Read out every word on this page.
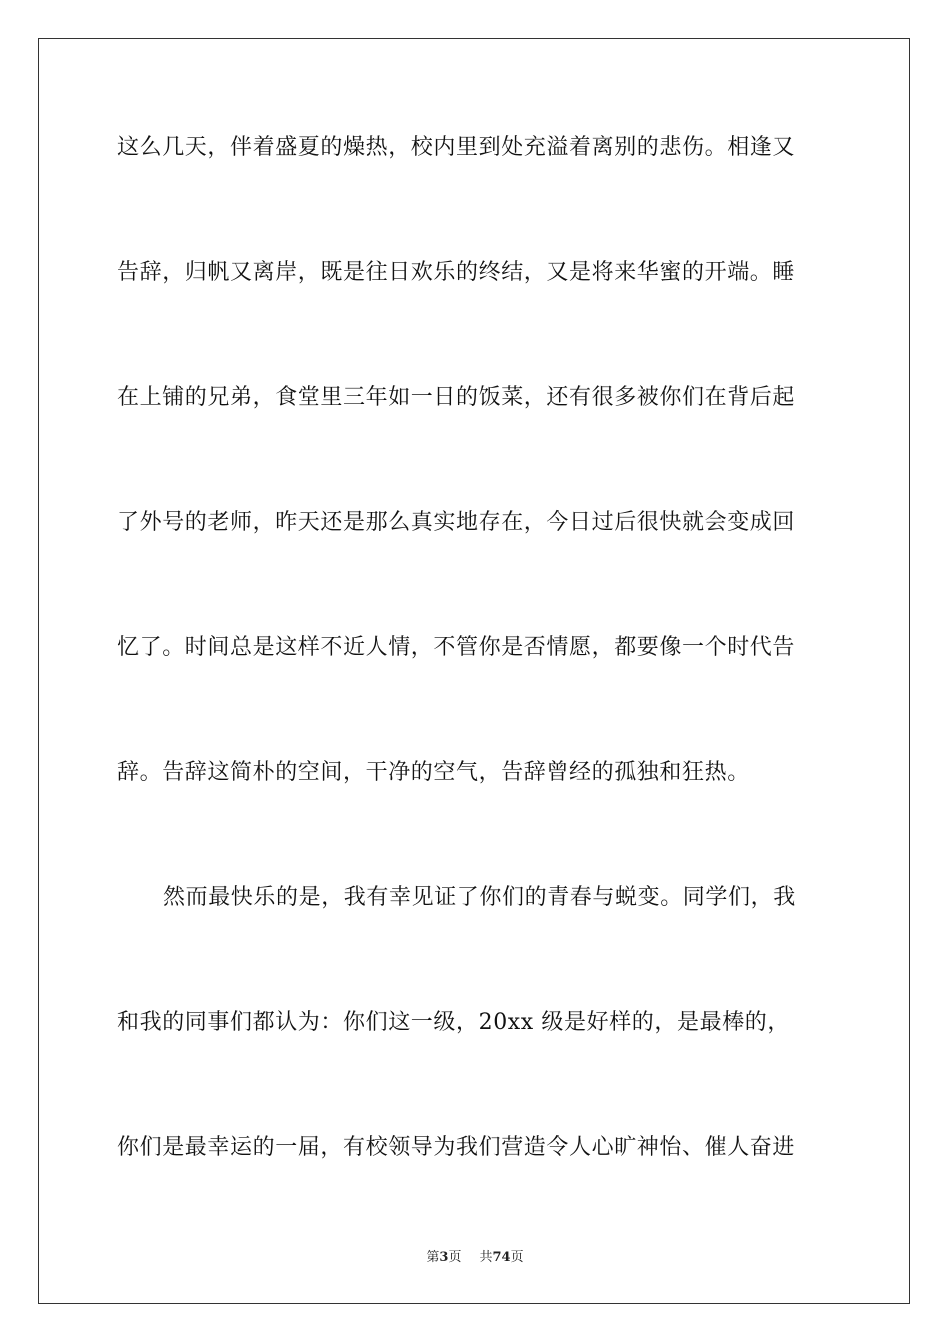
这么几天，伴着盛夏的燥热，校内里到处充溢着离别的悲伤。相逢又
告辞，归帆又离岸，既是往日欢乐的终结，又是将来华蜜的开端。睡
在上铺的兄弟，食堂里三年如一日的饭菜，还有很多被你们在背后起
了外号的老师，昨天还是那么真实地存在，今日过后很快就会变成回
忆了。时间总是这样不近人情，不管你是否情愿，都要像一个时代告
辞。告辞这简朴的空间，干净的空气，告辞曾经的孤独和狂热。
然而最快乐的是，我有幸见证了你们的青春与蜕变。同学们，我
和我的同事们都认为：你们这一级，20xx 级是好样的，是最棒的，
你们是最幸运的一届，有校领导为我们营造令人心旷神怡、催人奋进
第3页 共74页
